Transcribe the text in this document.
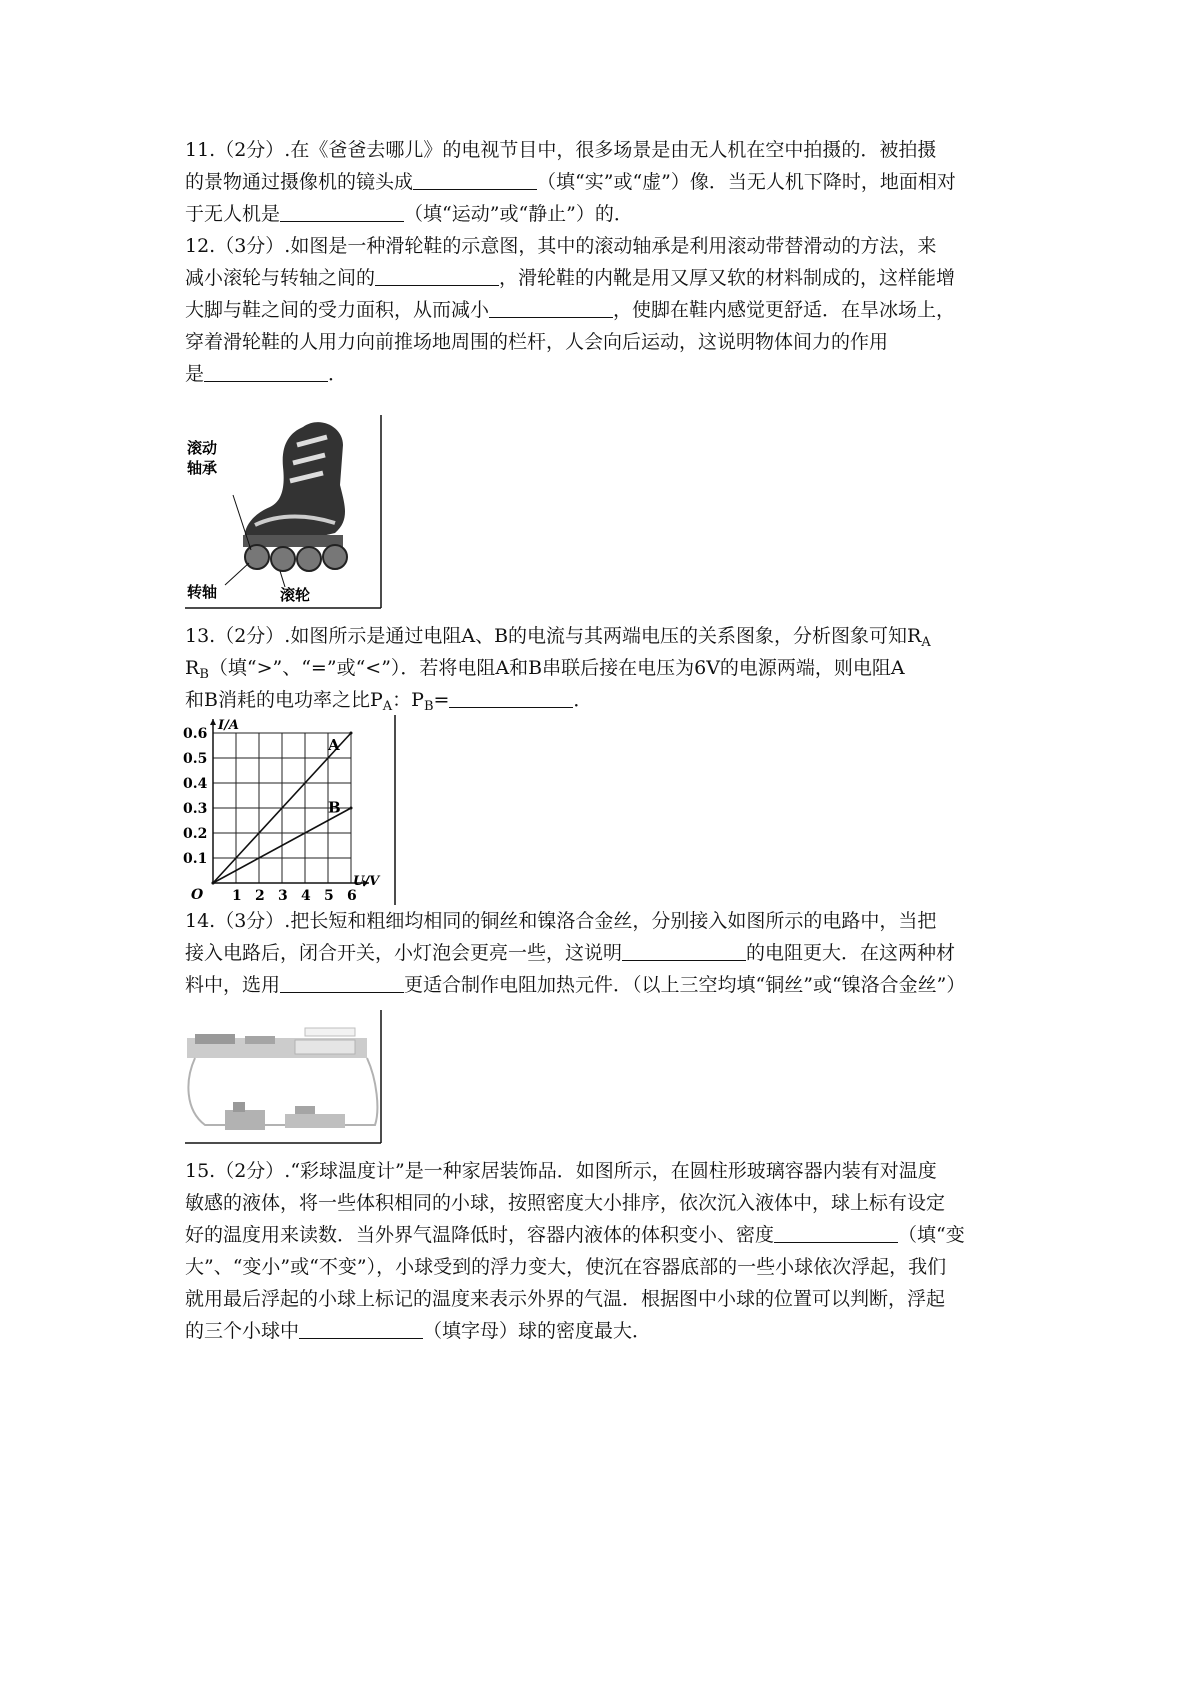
11.（2分）.在《爸爸去哪儿》的电视节目中，很多场景是由无人机在空中拍摄的．被拍摄
的景物通过摄像机的镜头成	（填“实”或“虚”）像．当无人机下降时，地面相对
于无人机是	（填“运动”或“静止”）的．
12.（3分）.如图是一种滑轮鞋的示意图，其中的滚动轴承是利用滚动带替滑动的方法，来
减小滚轮与转轴之间的	，滑轮鞋的内靴是用又厚又软的材料制成的，这样能增
大脚与鞋之间的受力面积，从而减小	，使脚在鞋内感觉更舒适．在旱冰场上，
穿着滑轮鞋的人用力向前推场地周围的栏杆，人会向后运动，这说明物体间力的作用
是	．
滚动
轴承
转轴	滚轮
13.（2分）.如图所示是通过电阻A、B的电流与其两端电压的关系图象，分析图象可知$R_A$
$R_B$（填“>”、“=”或“<”）．若将电阻A和B串联后接在电压为6V的电源两端，则电阻A
和B消耗的电功率之比$P_A$：$P_B=$	．
I/A
U/V
O 1 2 3 4 5 6
0.1
0.2
0.3
0.4
0.5
0.6
A
B
14.（3分）.把长短和粗细均相同的铜丝和镍洛合金丝，分别接入如图所示的电路中，当把
接入电路后，闭合开关，小灯泡会更亮一些，这说明	的电阻更大．在这两种材
料中，选用	更适合制作电阻加热元件．（以上三空均填“铜丝”或“镍洛合金丝”）
15.（2分）.“彩球温度计”是一种家居装饰品．如图所示，在圆柱形玻璃容器内装有对温度
敏感的液体，将一些体积相同的小球，按照密度大小排序，依次沉入液体中，球上标有设定
好的温度用来读数．当外界气温降低时，容器内液体的体积变小、密度	（填“变
大”、“变小”或“不变”），小球受到的浮力变大，使沉在容器底部的一些小球依次浮起，我们
就用最后浮起的小球上标记的温度来表示外界的气温．根据图中小球的位置可以判断，浮起
的三个小球中	（填字母）球的密度最大．
